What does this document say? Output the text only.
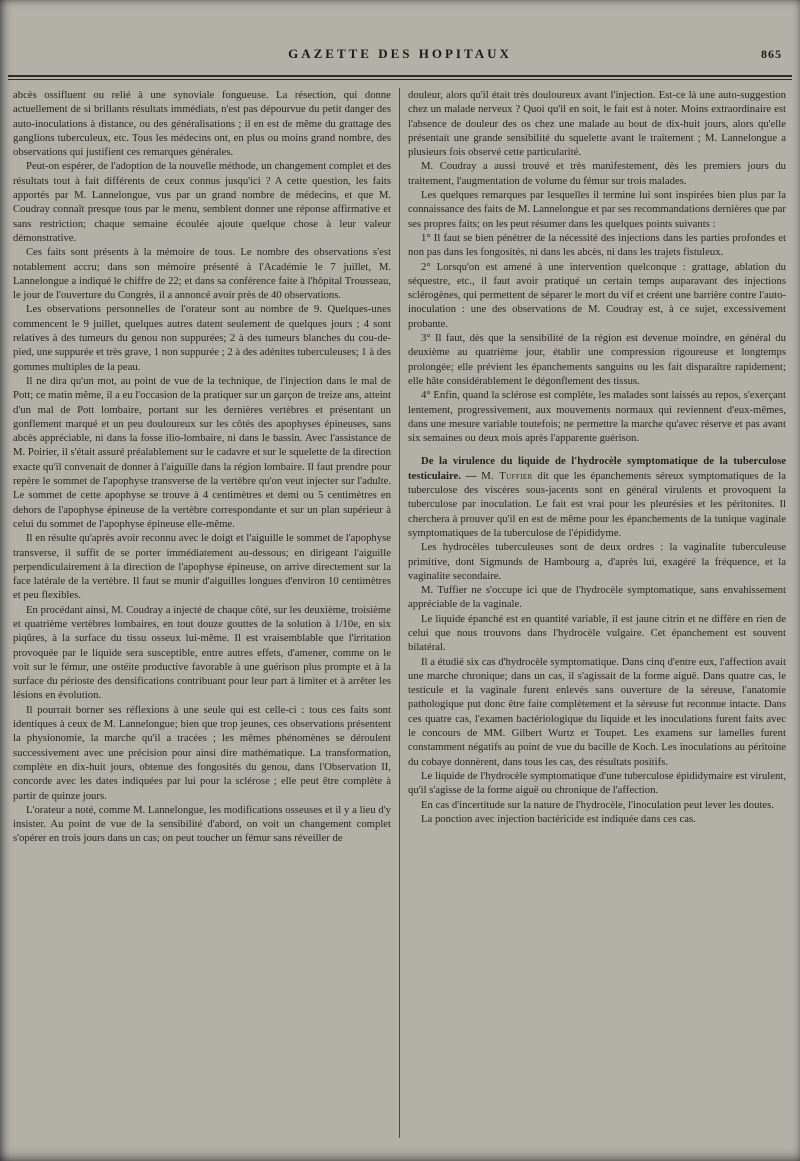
GAZETTE DES HOPITAUX	865

abcès ossifluent ou relié à une synoviale fongueuse. La résection, qui donne actuellement de si brillants résultats immédiats, n'est pas dépourvue du petit danger des auto-inoculations à distance, ou des généralisations ; il en est de même du grattage des ganglions tuberculeux, etc. Tous les médecins ont, en plus ou moins grand nombre, des observations qui justifient ces remarques générales.

Peut-on espérer, de l'adoption de la nouvelle méthode, un changement complet et des résultats tout à fait différents de ceux connus jusqu'ici ? A cette question, les faits apportés par M. Lannelongue, vus par un grand nombre de médecins, et que M. Coudray connaît presque tous par le menu, semblent donner une réponse affirmative et sans restriction; chaque semaine écoulée ajoute quelque chose à leur valeur démonstrative.

Ces faits sont présents à la mémoire de tous. Le nombre des observations s'est notablement accru; dans son mémoire présenté à l'Académie le 7 juillet, M. Lannelongue a indiqué le chiffre de 22; et dans sa conférence faite à l'hôpital Trousseau, le jour de l'ouverture du Congrès, il a annoncé avoir près de 40 observations.

Les observations personnelles de l'orateur sont au nombre de 9. Quelques-unes commencent le 9 juillet, quelques autres datent seulement de quelques jours ; 4 sont relatives à des tumeurs du genou non suppurées; 2 à des tumeurs blanches du cou-de-pied, une suppurée et très grave, 1 non suppurée ; 2 à des adénites tuberculeuses; 1 à des gommes multiples de la peau.

Il ne dira qu'un mot, au point de vue de la technique, de l'injection dans le mal de Pott; ce matin même, il a eu l'occasion de la pratiquer sur un garçon de treize ans, atteint d'un mal de Pott lombaire, portant sur les dernières vertèbres et présentant un gonflement marqué et un peu douloureux sur les côtés des apophyses épineuses, sans abcès appréciable, ni dans la fosse ilio-lombaire, ni dans le bassin. Avec l'assistance de M. Poirier, il s'était assuré préalablement sur le cadavre et sur le squelette de la direction exacte qu'il convenait de donner à l'aiguille dans la région lombaire. Il faut prendre pour repère le sommet de l'apophyse transverse de la vertèbre qu'on veut injecter sur l'adulte. Le sommet de cette apophyse se trouve à 4 centimètres et demi ou 5 centimètres en dehors de l'apophyse épineuse de la vertèbre correspondante et sur un plan supérieur à celui du sommet de l'apophyse épineuse elle-même.

Il en résulte qu'après avoir reconnu avec le doigt et l'aiguille le sommet de l'apophyse transverse, il suffit de se porter immédiatement au-dessous; en dirigeant l'aiguille perpendiculairement à la direction de l'apophyse épineuse, on arrive directement sur la face latérale de la vertèbre. Il faut se munir d'aiguilles longues d'environ 10 centimètres et peu flexibles.

En procédant ainsi, M. Coudray a injecté de chaque côté, sur les deuxième, troisième et quatrième vertèbres lombaires, en tout douze gouttes de la solution à 1/10e, en six piqûres, à la surface du tissu osseux lui-même. Il est vraisemblable que l'irritation provoquée par le liquide sera susceptible, entre autres effets, d'amener, comme on le voit sur le fémur, une ostéite productive favorable à une guérison plus prompte et à la surface du périoste des densifications contribuant pour leur part à limiter et à arrêter les lésions en évolution.

Il pourrait borner ses réflexions à une seule qui est celle-ci : tous ces faits sont identiques à ceux de M. Lannelongue; bien que trop jeunes, ces observations présentent la physionomie, la marche qu'il a tracées ; les mêmes phénomènes se déroulent successivement avec une précision pour ainsi dire mathématique. La transformation, complète en dix-huit jours, obtenue des fongosités du genou, dans l'Observation II, concorde avec les dates indiquées par lui pour la sclérose ; elle peut être complète à partir de quinze jours.

L'orateur a noté, comme M. Lannelongue, les modifications osseuses et il y a lieu d'y insister. Au point de vue de la sensibilité d'abord, on voit un changement complet s'opérer en trois jours dans un cas; on peut toucher un fémur sans réveiller de

douleur, alors qu'il était très douloureux avant l'injection. Est-ce là une auto-suggestion chez un malade nerveux ? Quoi qu'il en soit, le fait est à noter. Moins extraordinaire est l'absence de douleur des os chez une malade au bout de dix-huit jours, alors qu'elle présentait une grande sensibilité du squelette avant le traitement ; M. Lannelongue a plusieurs fois observé cette particularité.

M. Coudray a aussi trouvé et très manifestement, dès les premiers jours du traitement, l'augmentation de volume du fémur sur trois malades.

Les quelques remarques par lesquelles il termine lui sont inspirées bien plus par la connaissance des faits de M. Lannelongue et par ses recommandations dernières que par ses propres faits; on les peut résumer dans les quelques points suivants :

1° Il faut se bien pénétrer de la nécessité des injections dans les parties profondes et non pas dans les fongosités, ni dans les abcès, ni dans les trajets fistuleux.

2° Lorsqu'on est amené à une intervention quelconque : grattage, ablation du séquestre, etc., il faut avoir pratiqué un certain temps auparavant des injections sclérogènes, qui permettent de séparer le mort du vif et créent une barrière contre l'auto-inoculation : une des observations de M. Coudray est, à ce sujet, excessivement probante.

3° Il faut, dès que la sensibilité de la région est devenue moindre, en général du deuxième au quatrième jour, établir une compression rigoureuse et longtemps prolongée; elle prévient les épanchements sanguins ou les fait disparaître rapidement; elle hâte considérablement le dégonflement des tissus.

4° Enfin, quand la sclérose est complète, les malades sont laissés au repos, s'exerçant lentement, progressivement, aux mouvements normaux qui reviennent d'eux-mêmes, dans une mesure variable toutefois; ne permettre la marche qu'avec réserve et pas avant six semaines ou deux mois après l'apparente guérison.

De la virulence du liquide de l'hydrocèle symptomatique de la tuberculose testiculaire. — M. Tuffier dit que les épanchements séreux symptomatiques de la tuberculose des viscères sous-jacents sont en général virulents et provoquent la tuberculose par inoculation. Le fait est vrai pour les pleurésies et les péritonites. Il cherchera à prouver qu'il en est de même pour les épanchements de la tunique vaginale symptomatiques de la tuberculose de l'épididyme.

Les hydrocèles tuberculeuses sont de deux ordres : la vaginalite tuberculeuse primitive, dont Sigmunds de Hambourg a, d'après lui, exagéré la fréquence, et la vaginalite secondaire.

M. Tuffier ne s'occupe ici que de l'hydrocèle symptomatique, sans envahissement appréciable de la vaginale.

Le liquide épanché est en quantité variable, il est jaune citrin et ne diffère en rien de celui que nous trouvons dans l'hydrocèle vulgaire. Cet épanchement est souvent bilatéral.

Il a étudié six cas d'hydrocèle symptomatique. Dans cinq d'entre eux, l'affection avait une marche chronique; dans un cas, il s'agissait de la forme aiguë. Dans quatre cas, le testicule et la vaginale furent enlevés sans ouverture de la séreuse, l'anatomie pathologique put donc être faite complètement et la séreuse fut reconnue intacte. Dans ces quatre cas, l'examen bactériologique du liquide et les inoculations furent faits avec le concours de MM. Gilbert Wurtz et Toupet. Les examens sur lamelles furent constamment négatifs au point de vue du bacille de Koch. Les inoculations au péritoine du cobaye donnèrent, dans tous les cas, des résultats positifs.

Le liquide de l'hydrocèle symptomatique d'une tuberculose épididymaire est virulent, qu'il s'agisse de la forme aiguë ou chronique de l'affection.

En cas d'incertitude sur la nature de l'hydrocèle, l'inoculation peut lever les doutes.

La ponction avec injection bactéricide est indiquée dans ces cas.
